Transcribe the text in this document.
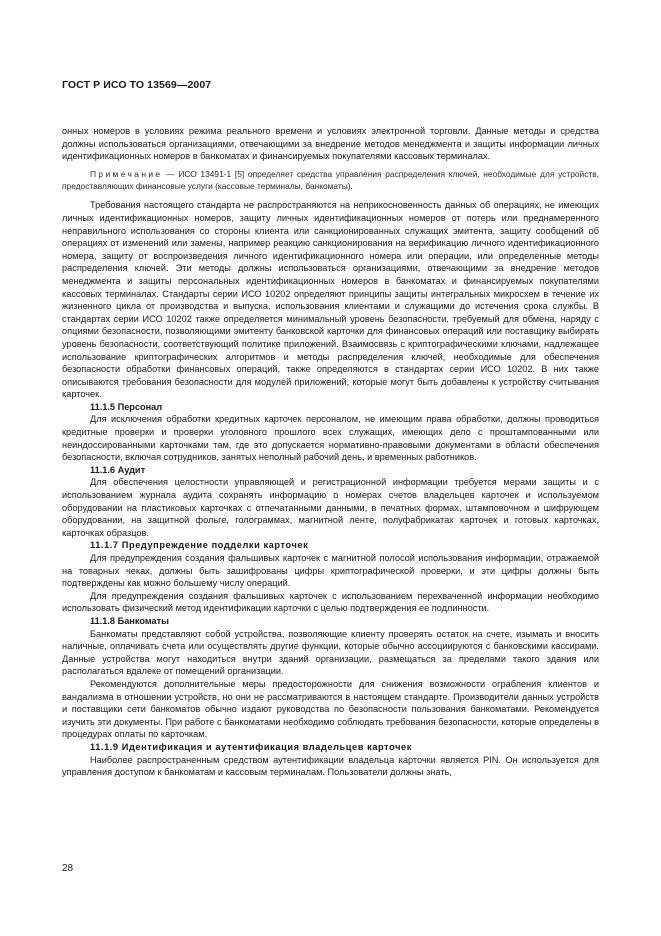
ГОСТ Р ИСО ТО 13569—2007

онных номеров в условиях режима реального времени и условиях электронной торговли. Данные методы и средства должны использоваться организациями, отвечающими за внедрение методов менеджмента и защиты информации личных идентификационных номеров в банкоматах и финансируемых покупателями кассовых терминалах.

Примечание — ИСО 13491-1 [5] определяет средства управления распределения ключей, необходимые для устройств, предоставляющих финансовые услуги (кассовые терминалы, банкоматы).

Требования настоящего стандарта не распространяются на неприкосновенность данных об операциях, не имеющих личных идентификационных номеров, защиту личных идентификационных номеров от потерь или преднамеренного неправильного использования со стороны клиента или санкционированных служащих эмитента, защиту сообщений об операциях от изменений или замены, например реакцию санкционирования на верификацию личного идентификационного номера, защиту от воспроизведения личного идентификационного номера или операции, или определенные методы распределения ключей. Эти методы должны использоваться организациями, отвечающими за внедрение методов менеджмента и защиты персональных идентификационных номеров в банкоматах и финансируемых покупателями кассовых терминалах. Стандарты серии ИСО 10202 определяют принципы защиты интегральных микросхем в течение их жизненного цикла от производства и выпуска, использования клиентами и служащими до истечения срока службы. В стандартах серии ИСО 10202 также определяется минимальный уровень безопасности, требуемый для обмена, наряду с опциями безопасности, позволяющими эмитенту банковской карточки для финансовых операций или поставщику выбирать уровень безопасности, соответствующий политике приложений. Взаимосвязь с криптографическими ключами, надлежащее использование криптографических алгоритмов и методы распределения ключей, необходимые для обеспечения безопасности обработки финансовых операций, также определяются в стандартах серии ИСО 10202. В них также описываются требования безопасности для модулей приложений, которые могут быть добавлены к устройству считывания карточек.

11.1.5 Персонал

Для исключения обработки кредитных карточек персоналом, не имеющим права обработки, должны проводиться кредитные проверки и проверки уголовного прошлого всех служащих, имеющих дело с проштампованными или неиндоссированными карточками там, где это допускается нормативно-правовыми документами в области обеспечения безопасности, включая сотрудников, занятых неполный рабочий день, и временных работников.

11.1.6 Аудит

Для обеспечения целостности управляющей и регистрационной информации требуется мерами защиты и с использованием журнала аудита сохранять информацию о номерах счетов владельцев карточек и используемом оборудовании на пластиковых карточках с отпечатанными данными, в печатных формах, штамповочном и шифрующем оборудовании, на защитной фольге, голограммах, магнитной ленте, полуфабрикатах карточек и готовых карточках, карточках образцов.

11.1.7 Предупреждение подделки карточек

Для предупреждения создания фальшивых карточек с магнитной полосой использования информации, отражаемой на товарных чеках, должны быть зашифрованы цифры криптографической проверки, и эти цифры должны быть подтверждены как можно большему числу операций.

Для предупреждения создания фальшивых карточек с использованием перехваченной информации необходимо использовать физический метод идентификации карточки с целью подтверждения ее подлинности.

11.1.8 Банкоматы

Банкоматы представляют собой устройства, позволяющие клиенту проверять остаток на счете, изымать и вносить наличные, оплачивать счета или осуществлять другие функции, которые обычно ассоциируются с банковскими кассирами. Данные устройства могут находиться внутри зданий организации, размещаться за пределами такого здания или располагаться вдалеке от помещений организации.

Рекомендуются дополнительные меры предосторожности для снижения возможности ограбления клиентов и вандализма в отношении устройств, но они не рассматриваются в настоящем стандарте. Производители данных устройств и поставщики сети банкоматов обычно издают руководства по безопасности пользования банкоматами. Рекомендуется изучить эти документы. При работе с банкоматами необходимо соблюдать требования безопасности, которые определены в процедурах оплаты по карточкам.

11.1.9 Идентификация и аутентификация владельцев карточек

Наиболее распространенным средством аутентификации владельца карточки является PIN. Он используется для управления доступом к банкоматам и кассовым терминалам. Пользователи должны знать,

28
